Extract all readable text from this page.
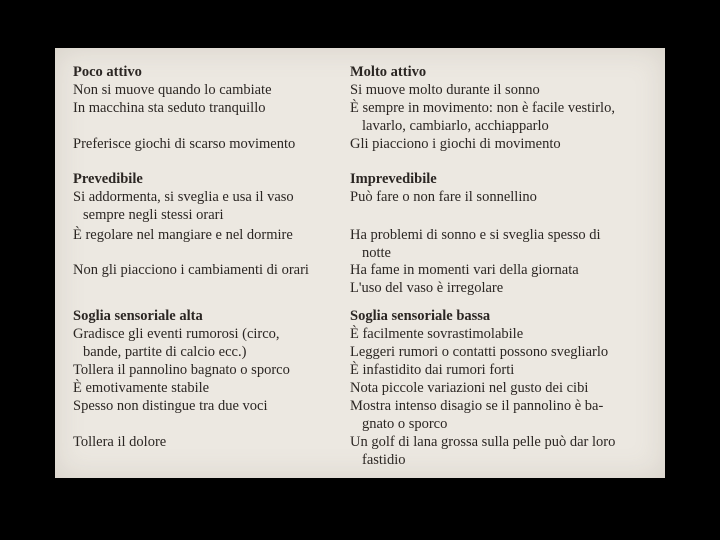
Poco attivo
Non si muove quando lo cambiate
In macchina sta seduto tranquillo
Preferisce giochi di scarso movimento
Prevedibile
Si addormenta, si sveglia e usa il vaso
sempre negli stessi orari
È regolare nel mangiare e nel dormire
Non gli piacciono i cambiamenti di orari
Soglia sensoriale alta
Gradisce gli eventi rumorosi (circo,
bande, partite di calcio ecc.)
Tollera il pannolino bagnato o sporco
È emotivamente stabile
Spesso non distingue tra due voci
Tollera il dolore
Molto attivo
Si muove molto durante il sonno
È sempre in movimento: non è facile vestirlo,
lavarlo, cambiarlo, acchiapparlo
Gli piacciono i giochi di movimento
Imprevedibile
Può fare o non fare il sonnellino
Ha problemi di sonno e si sveglia spesso di
notte
Ha fame in momenti vari della giornata
L'uso del vaso è irregolare
Soglia sensoriale bassa
È facilmente sovrastimolabile
Leggeri rumori o contatti possono svegliarlo
È infastidito dai rumori forti
Nota piccole variazioni nel gusto dei cibi
Mostra intenso disagio se il pannolino è ba-
gnato o sporco
Un golf di lana grossa sulla pelle può dar loro
fastidio
